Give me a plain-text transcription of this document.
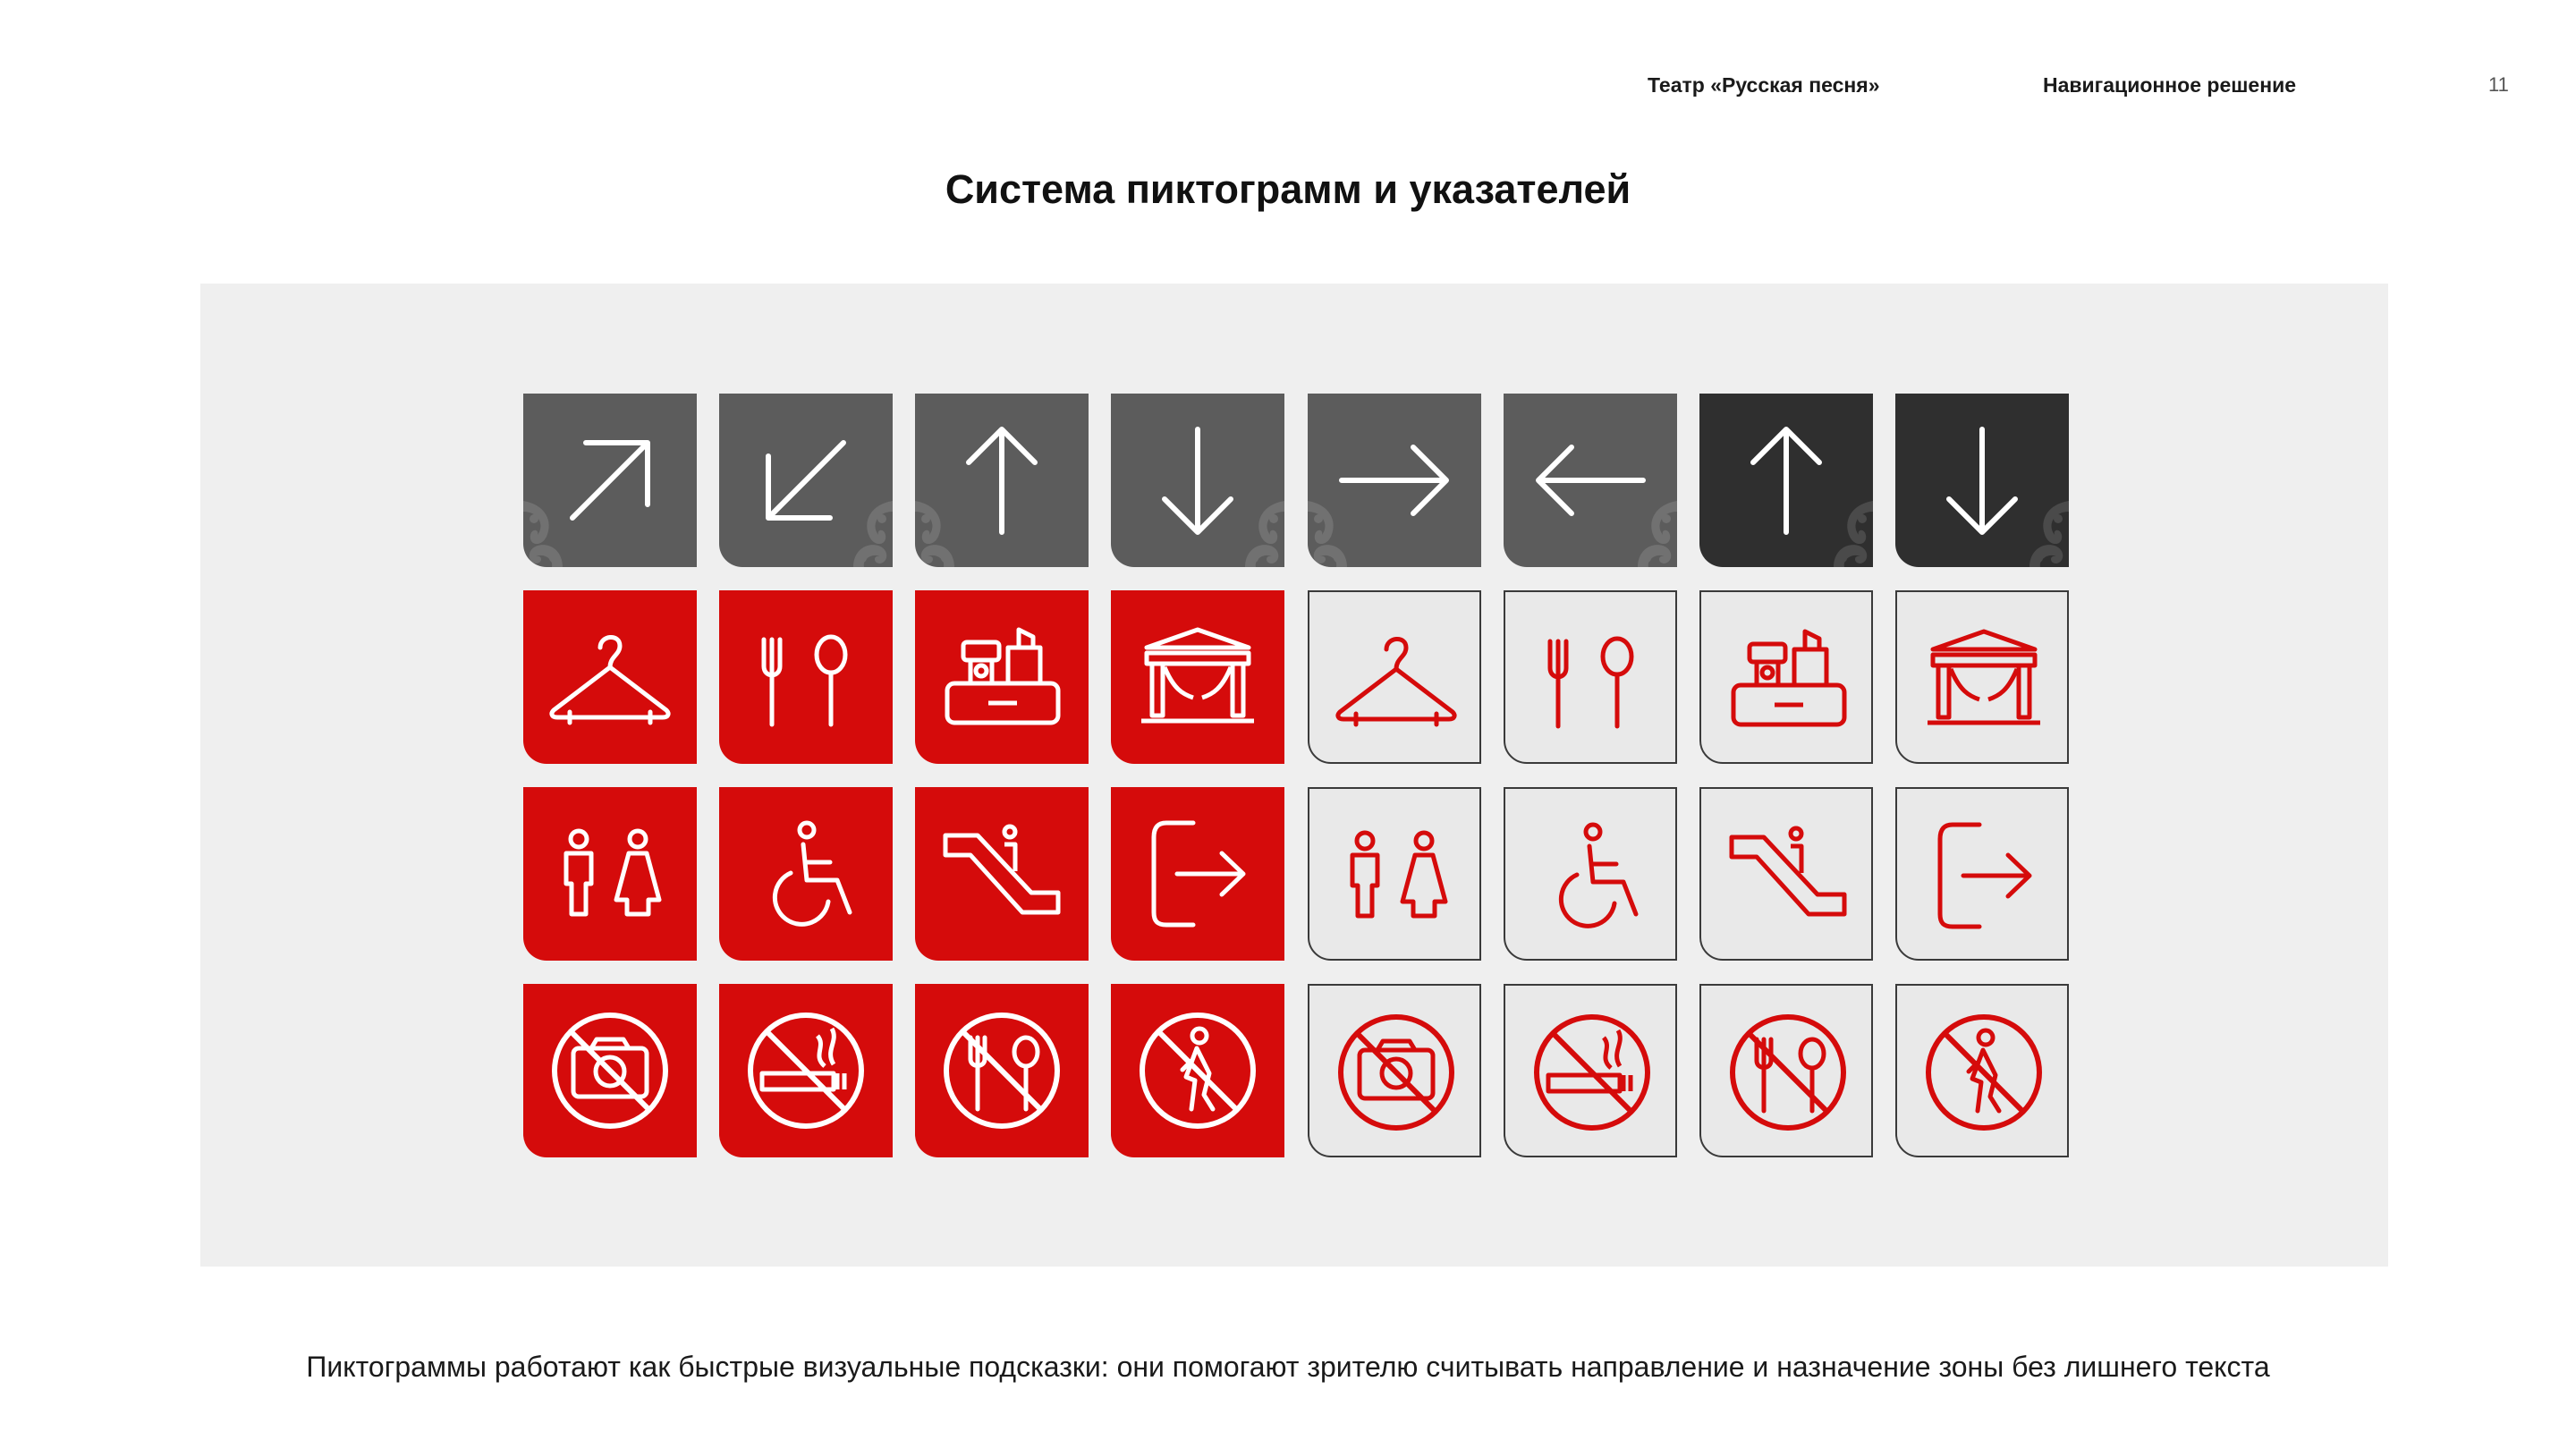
Театр «Русская песня»	Навигационное решение	11
Система пиктограмм и указателей
Пиктограммы работают как быстрые визуальные подсказки: они помогают зрителю считывать направление и назначение зоны без лишнего текста
